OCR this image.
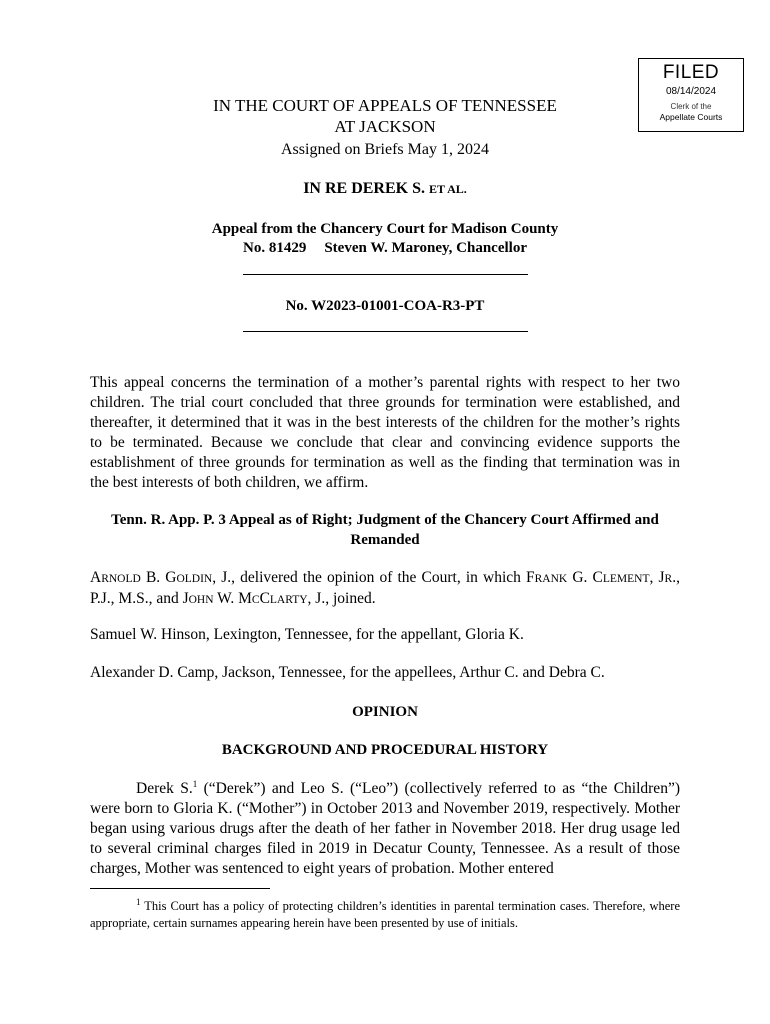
FILED
08/14/2024
Clerk of the
Appellate Courts
IN THE COURT OF APPEALS OF TENNESSEE
AT JACKSON
Assigned on Briefs May 1, 2024
IN RE DEREK S. ET AL.
Appeal from the Chancery Court for Madison County
No. 81429 Steven W. Maroney, Chancellor
No. W2023-01001-COA-R3-PT
This appeal concerns the termination of a mother’s parental rights with respect to her two children. The trial court concluded that three grounds for termination were established, and thereafter, it determined that it was in the best interests of the children for the mother’s rights to be terminated. Because we conclude that clear and convincing evidence supports the establishment of three grounds for termination as well as the finding that termination was in the best interests of both children, we affirm.
Tenn. R. App. P. 3 Appeal as of Right; Judgment of the Chancery Court Affirmed and Remanded
ARNOLD B. GOLDIN, J., delivered the opinion of the Court, in which FRANK G. CLEMENT, JR., P.J., M.S., and JOHN W. MCCLARTY, J., joined.
Samuel W. Hinson, Lexington, Tennessee, for the appellant, Gloria K.
Alexander D. Camp, Jackson, Tennessee, for the appellees, Arthur C. and Debra C.
OPINION
BACKGROUND AND PROCEDURAL HISTORY
Derek S.$^1$ (“Derek”) and Leo S. (“Leo”) (collectively referred to as “the Children”) were born to Gloria K. (“Mother”) in October 2013 and November 2019, respectively. Mother began using various drugs after the death of her father in November 2018. Her drug usage led to several criminal charges filed in 2019 in Decatur County, Tennessee. As a result of those charges, Mother was sentenced to eight years of probation. Mother entered
$^1$ This Court has a policy of protecting children’s identities in parental termination cases. Therefore, where appropriate, certain surnames appearing herein have been presented by use of initials.
